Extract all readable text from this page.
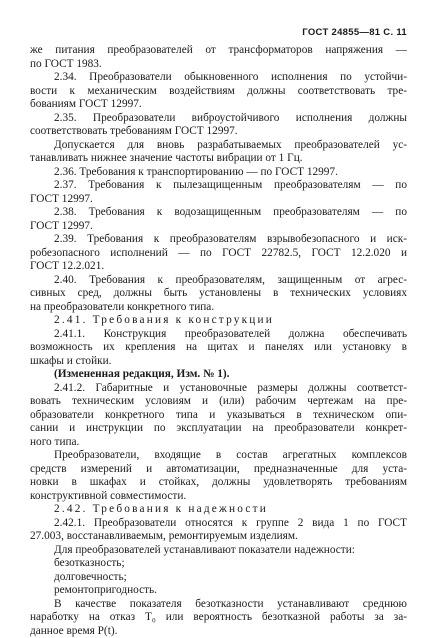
ГОСТ 24855—81 С. 11
же питания преобразователей от трансформаторов напряжения —
по ГОСТ 1983.
2.34. Преобразователи обыкновенного исполнения по устойчи-
вости к механическим воздействиям должны соответствовать тре-
бованиям ГОСТ 12997.
2.35. Преобразователи виброустойчивого исполнения должны
соответствовать требованиям ГОСТ 12997.
Допускается для вновь разрабатываемых преобразователей ус-
танавливать нижнее значение частоты вибрации от 1 Гц.
2.36. Требования к транспортированию — по ГОСТ 12997.
2.37. Требования к пылезащищенным преобразователям — по
ГОСТ 12997.
2.38. Требования к водозащищенным преобразователям — по
ГОСТ 12997.
2.39. Требования к преобразователям взрывобезопасного и иск-
робезопасного исполнений — по ГОСТ 22782.5, ГОСТ 12.2.020 и
ГОСТ 12.2.021.
2.40. Требования к преобразователям, защищенным от агрес-
сивных сред, должны быть установлены в технических условиях
на преобразователи конкретного типа.
2.41. Требования к конструкции
2.41.1. Конструкция преобразователей должна обеспечивать
возможность их крепления на щитах и панелях или установку в
шкафы и стойки.
(Измененная редакция, Изм. № 1).
2.41.2. Габаритные и установочные размеры должны соответст-
вовать техническим условиям и (или) рабочим чертежам на пре-
образователи конкретного типа и указываться в техническом опи-
сании и инструкции по эксплуатации на преобразователи конкрет-
ного типа.
Преобразователи, входящие в состав агрегатных комплексов
средств измерений и автоматизации, предназначенные для уста-
новки в шкафах и стойках, должны удовлетворять требованиям
конструктивной совместимости.
2.42. Требования к надежности
2.42.1. Преобразователи относятся к группе 2 вида 1 по ГОСТ
27.003, восстанавливаемым, ремонтируемым изделиям.
Для преобразователей устанавливают показатели надежности:
безотказность;
долговечность;
ремонтопригодность.
В качестве показателя безотказности устанавливают среднюю
наработку на отказ T₀ или вероятность безотказной работы за за-
данное время P(t).
